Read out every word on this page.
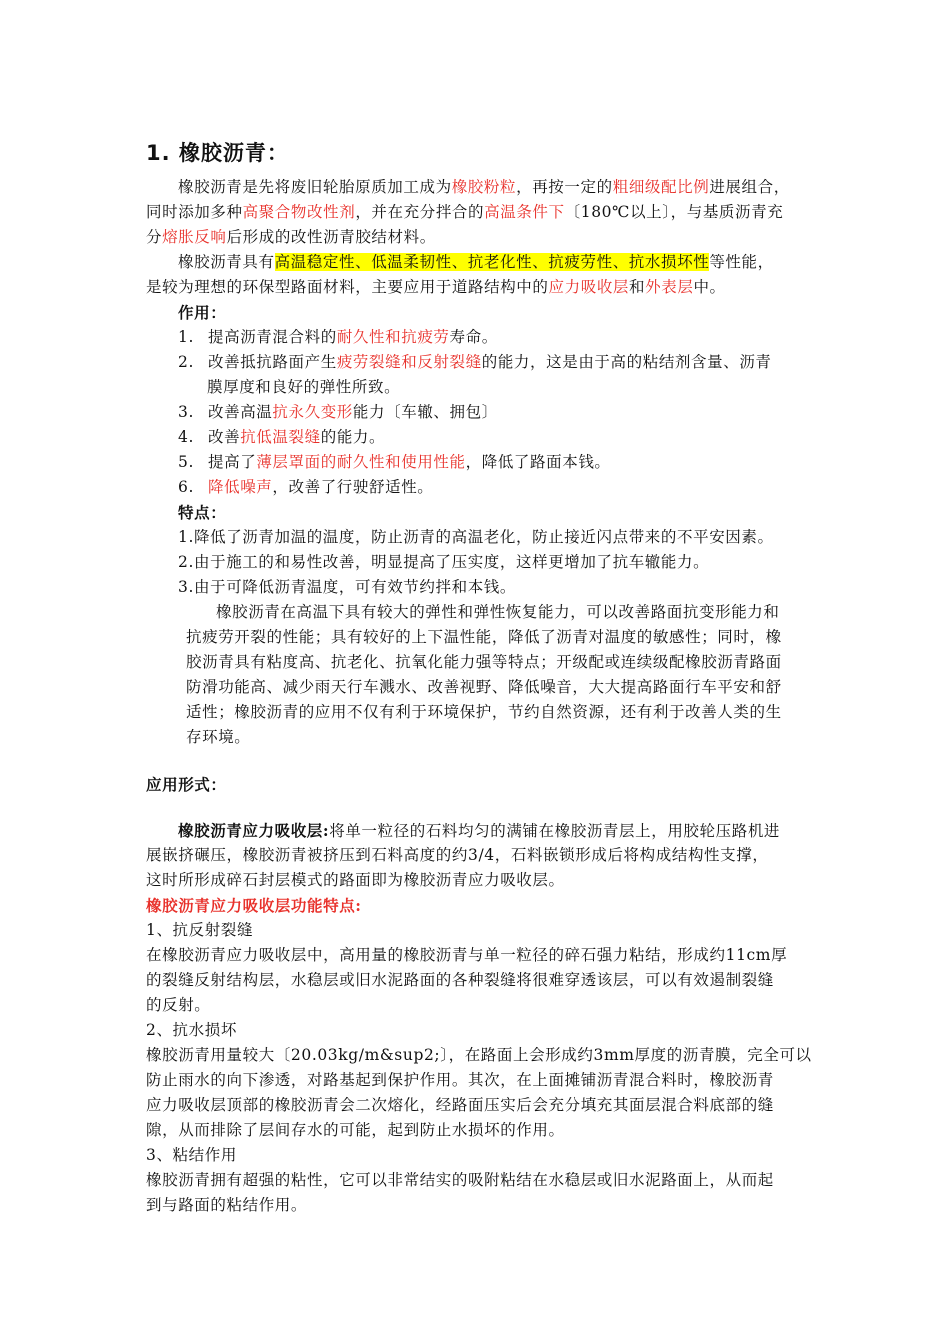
1. 橡胶沥青：
橡胶沥青是先将废旧轮胎原质加工成为橡胶粉粒，再按一定的粗细级配比例进展组合，
同时添加多种高聚合物改性剂，并在充分拌合的高温条件下〔180℃以上〕，与基质沥青充
分熔胀反响后形成的改性沥青胶结材料。
橡胶沥青具有高温稳定性、低温柔韧性、抗老化性、抗疲劳性、抗水损坏性等性能，
是较为理想的环保型路面材料，主要应用于道路结构中的应力吸收层和外表层中。
作用：
1. 提高沥青混合料的耐久性和抗疲劳寿命。
2. 改善抵抗路面产生疲劳裂缝和反射裂缝的能力，这是由于高的粘结剂含量、沥青
膜厚度和良好的弹性所致。
3. 改善高温抗永久变形能力〔车辙、拥包〕
4. 改善抗低温裂缝的能力。
5. 提高了薄层罩面的耐久性和使用性能，降低了路面本钱。
6. 降低噪声，改善了行驶舒适性。
特点：
1.降低了沥青加温的温度，防止沥青的高温老化，防止接近闪点带来的不平安因素。
2.由于施工的和易性改善，明显提高了压实度，这样更增加了抗车辙能力。
3.由于可降低沥青温度，可有效节约拌和本钱。
橡胶沥青在高温下具有较大的弹性和弹性恢复能力，可以改善路面抗变形能力和
抗疲劳开裂的性能；具有较好的上下温性能，降低了沥青对温度的敏感性；同时，橡
胶沥青具有粘度高、抗老化、抗氧化能力强等特点；开级配或连续级配橡胶沥青路面
防滑功能高、减少雨天行车溅水、改善视野、降低噪音，大大提高路面行车平安和舒
适性；橡胶沥青的应用不仅有利于环境保护，节约自然资源，还有利于改善人类的生
存环境。
应用形式：
橡胶沥青应力吸收层:将单一粒径的石料均匀的满铺在橡胶沥青层上，用胶轮压路机进
展嵌挤碾压，橡胶沥青被挤压到石料高度的约3/4，石料嵌锁形成后将构成结构性支撑，
这时所形成碎石封层模式的路面即为橡胶沥青应力吸收层。
橡胶沥青应力吸收层功能特点:
1、抗反射裂缝
在橡胶沥青应力吸收层中，高用量的橡胶沥青与单一粒径的碎石强力粘结，形成约11cm厚
的裂缝反射结构层，水稳层或旧水泥路面的各种裂缝将很难穿透该层，可以有效遏制裂缝
的反射。
2、抗水损坏
橡胶沥青用量较大〔20.03kg/m&sup2;〕，在路面上会形成约3mm厚度的沥青膜，完全可以
防止雨水的向下渗透，对路基起到保护作用。其次，在上面摊铺沥青混合料时，橡胶沥青
应力吸收层顶部的橡胶沥青会二次熔化，经路面压实后会充分填充其面层混合料底部的缝
隙，从而排除了层间存水的可能，起到防止水损坏的作用。
3、粘结作用
橡胶沥青拥有超强的粘性，它可以非常结实的吸附粘结在水稳层或旧水泥路面上，从而起
到与路面的粘结作用。
